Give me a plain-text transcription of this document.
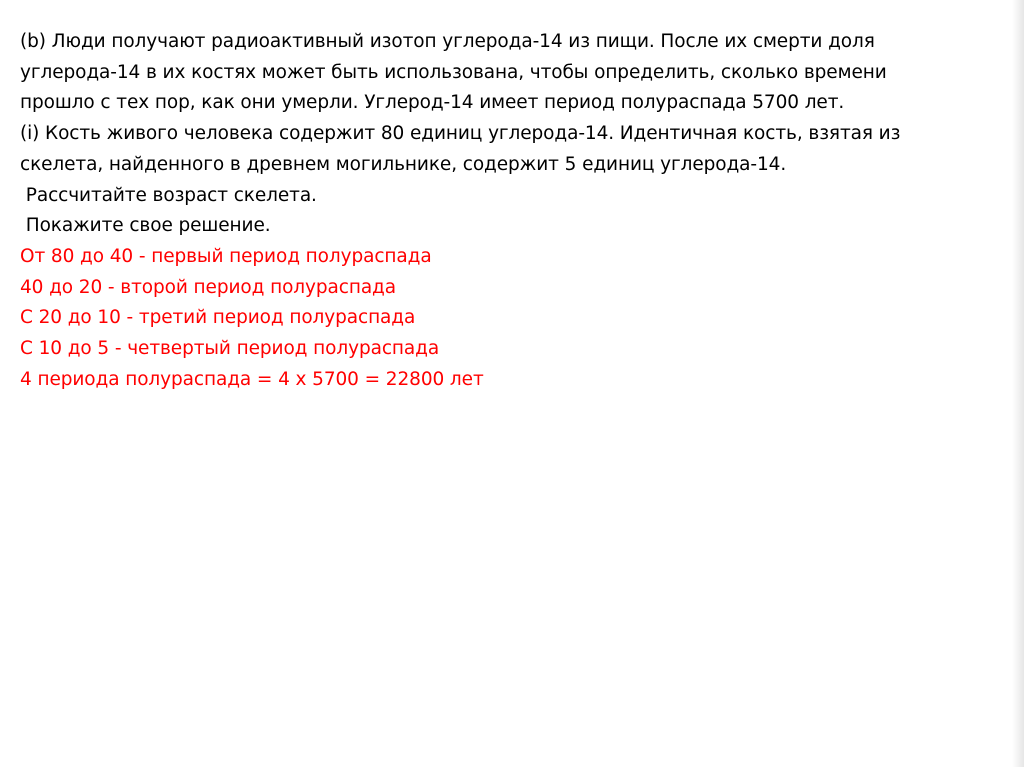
(b) Люди получают радиоактивный изотоп углерода-14 из пищи. После их смерти доля
углерода-14 в их костях может быть использована, чтобы определить, сколько времени
прошло с тех пор, как они умерли. Углерод-14 имеет период полураспада 5700 лет.
(i) Кость живого человека содержит 80 единиц углерода-14. Идентичная кость, взятая из
скелета, найденного в древнем могильнике, содержит 5 единиц углерода-14.
Рассчитайте возраст скелета.
Покажите свое решение.
От 80 до 40 - первый период полураспада
40 до 20 - второй период полураспада
С 20 до 10 - третий период полураспада
С 10 до 5 - четвертый период полураспада
4 периода полураспада = 4 х 5700 = 22800 лет
